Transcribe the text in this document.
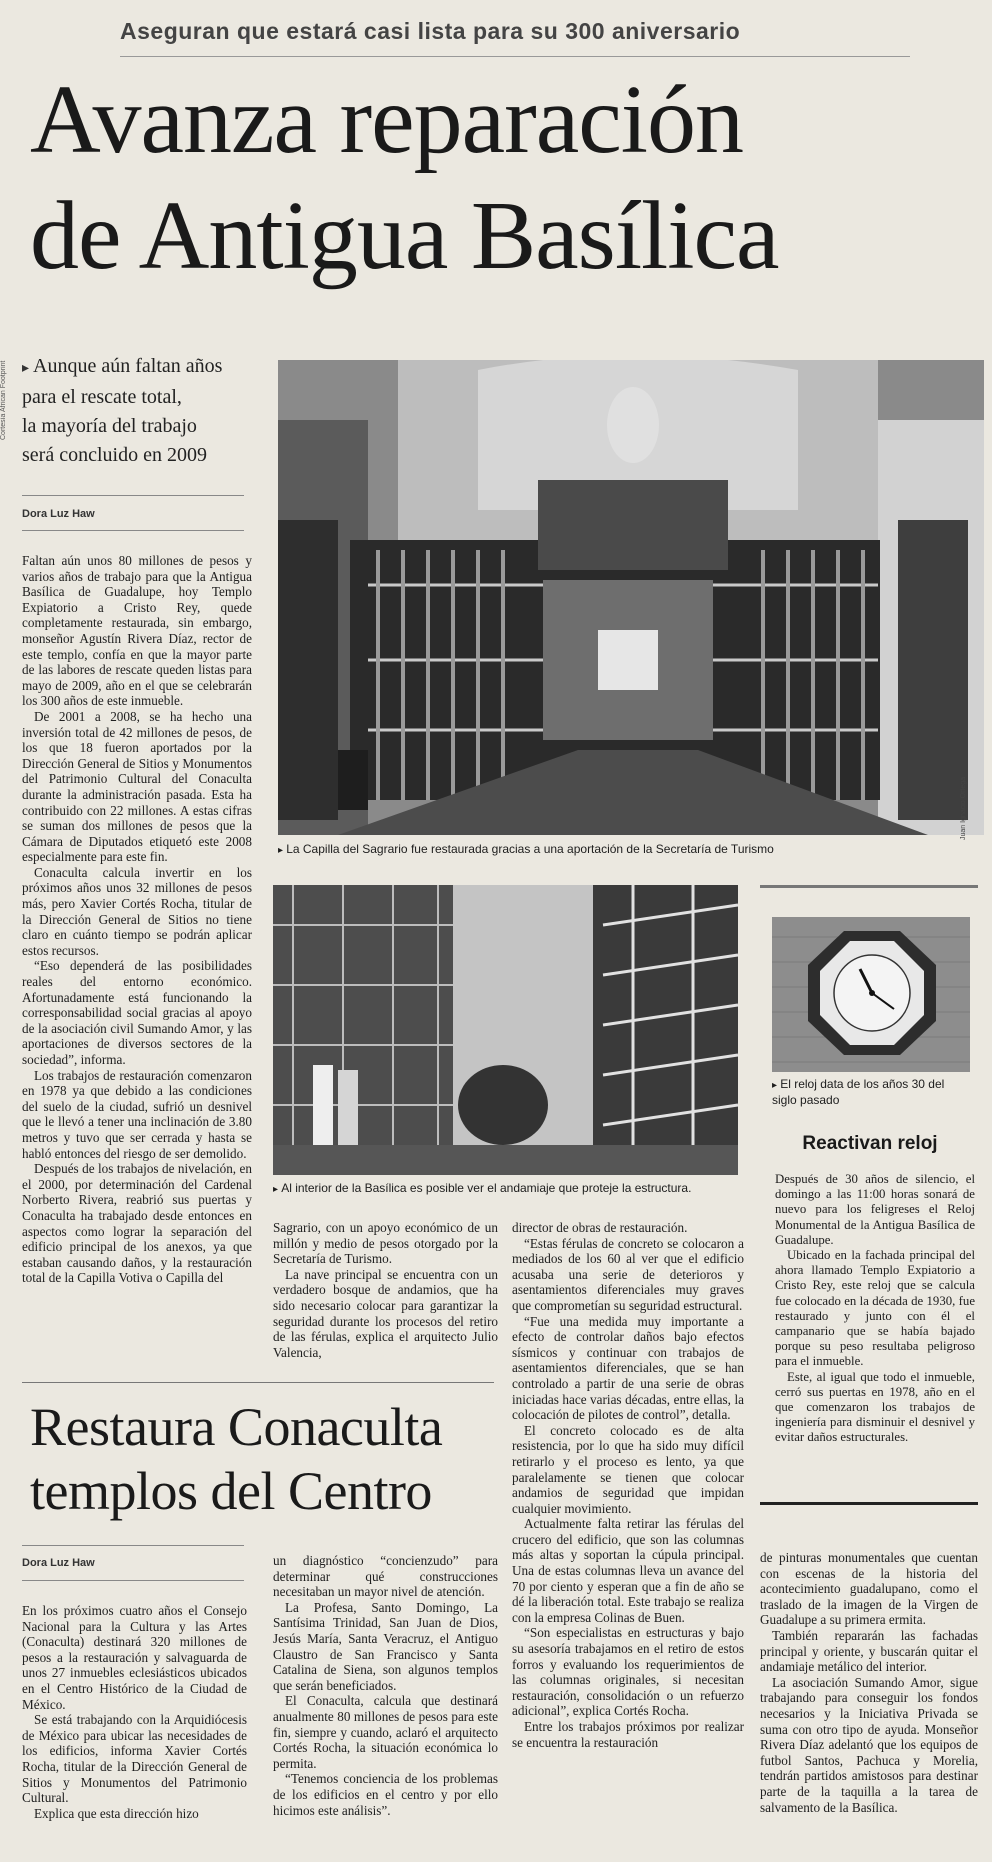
Aseguran que estará casi lista para su 300 aniversario
Avanza reparación
de Antigua Basílica
Cortesía African Footprint	▸ Aunque aún faltan años
para el rescate total,
la mayoría del trabajo
será concluido en 2009
Dora Luz Haw

Faltan aún unos 80 millones de pesos y varios años de trabajo para que la Antigua Basílica de Guadalupe, hoy Templo Expiatorio a Cristo Rey, quede completamente restaurada, sin embargo, monseñor Agustín Rivera Díaz, rector de este templo, confía en que la mayor parte de las labores de rescate queden listas para mayo de 2009, año en el que se celebrarán los 300 años de este inmueble.

De 2001 a 2008, se ha hecho una inversión total de 42 millones de pesos, de los que 18 fueron aportados por la Dirección General de Sitios y Monumentos del Patrimonio Cultural del Conaculta durante la administración pasada. Esta ha contribuido con 22 millones. A estas cifras se suman dos millones de pesos que la Cámara de Diputados etiquetó este 2008 especialmente para este fin.

Conaculta calcula invertir en los próximos años unos 32 millones de pesos más, pero Xavier Cortés Rocha, titular de la Dirección General de Sitios no tiene claro en cuánto tiempo se podrán aplicar estos recursos.

“Eso dependerá de las posibilidades reales del entorno económico. Afortunadamente está funcionando la corresponsabilidad social gracias al apoyo de la asociación civil Sumando Amor, y las aportaciones de diversos sectores de la sociedad”, informa.

Los trabajos de restauración comenzaron en 1978 ya que debido a las condiciones del suelo de la ciudad, sufrió un desnivel que le llevó a tener una inclinación de 3.80 metros y tuvo que ser cerrada y hasta se habló entonces del riesgo de ser demolido.

Después de los trabajos de nivelación, en el 2000, por determinación del Cardenal Norberto Rivera, reabrió sus puertas y Conaculta ha trabajado desde entonces en aspectos como lograr la separación del edificio principal de los anexos, ya que estaban causando daños, y la restauración total de la Capilla Votiva o Capilla del

Juan Ignacio Ortega
▸ La Capilla del Sagrario fue restaurada gracias a una aportación de la Secretaría de Turismo
▸ Al interior de la Basílica es posible ver el andamiaje que proteje la estructura.
▸ El reloj data de los años 30 del siglo pasado
Reactivan reloj

Después de 30 años de silencio, el domingo a las 11:00 horas sonará de nuevo para los feligreses el Reloj Monumental de la Antigua Basílica de Guadalupe.

Ubicado en la fachada principal del ahora llamado Templo Expiatorio a Cristo Rey, este reloj que se calcula fue colocado en la década de 1930, fue restaurado y junto con él el campanario que se había bajado porque su peso resultaba peligroso para el inmueble.

Este, al igual que todo el inmueble, cerró sus puertas en 1978, año en el que comenzaron los trabajos de ingeniería para disminuir el desnivel y evitar daños estructurales.

Sagrario, con un apoyo económico de un millón y medio de pesos otorgado por la Secretaría de Turismo.

La nave principal se encuentra con un verdadero bosque de andamios, que ha sido necesario colocar para garantizar la seguridad durante los procesos del retiro de las férulas, explica el arquitecto Julio Valencia,

director de obras de restauración.

“Estas férulas de concreto se colocaron a mediados de los 60 al ver que el edificio acusaba una serie de deterioros y asentamientos diferenciales muy graves que comprometían su seguridad estructural.

“Fue una medida muy importante a efecto de controlar daños bajo efectos sísmicos y continuar con trabajos de asentamientos diferenciales, que se han controlado a partir de una serie de obras iniciadas hace varias décadas, entre ellas, la colocación de pilotes de control”, detalla.

El concreto colocado es de alta resistencia, por lo que ha sido muy difícil retirarlo y el proceso es lento, ya que paralelamente se tienen que colocar andamios de seguridad que impidan cualquier movimiento.

Actualmente falta retirar las férulas del crucero del edificio, que son las columnas más altas y soportan la cúpula principal. Una de estas columnas lleva un avance del 70 por ciento y esperan que a fin de año se dé la liberación total. Este trabajo se realiza con la empresa Colinas de Buen.

“Son especialistas en estructuras y bajo su asesoría trabajamos en el retiro de estos forros y evaluando los requerimientos de las columnas originales, si necesitan restauración, consolidación o un refuerzo adicional”, explica Cortés Rocha.

Entre los trabajos próximos por realizar se encuentra la restauración

de pinturas monumentales que cuentan con escenas de la historia del acontecimiento guadalupano, como el traslado de la imagen de la Virgen de Guadalupe a su primera ermita.

También repararán las fachadas principal y oriente, y buscarán quitar el andamiaje metálico del interior.

La asociación Sumando Amor, sigue trabajando para conseguir los fondos necesarios y la Iniciativa Privada se suma con otro tipo de ayuda. Monseñor Rivera Díaz adelantó que los equipos de futbol Santos, Pachuca y Morelia, tendrán partidos amistosos para destinar parte de la taquilla a la tarea de salvamento de la Basílica.

Restaura Conaculta
templos del Centro
Dora Luz Haw

En los próximos cuatro años el Consejo Nacional para la Cultura y las Artes (Conaculta) destinará 320 millones de pesos a la restauración y salvaguarda de unos 27 inmuebles eclesiásticos ubicados en el Centro Histórico de la Ciudad de México.

Se está trabajando con la Arquidiócesis de México para ubicar las necesidades de los edificios, informa Xavier Cortés Rocha, titular de la Dirección General de Sitios y Monumentos del Patrimonio Cultural.

Explica que esta dirección hizo

un diagnóstico “concienzudo” para determinar qué construcciones necesitaban un mayor nivel de atención.

La Profesa, Santo Domingo, La Santísima Trinidad, San Juan de Dios, Jesús María, Santa Veracruz, el Antiguo Claustro de San Francisco y Santa Catalina de Siena, son algunos templos que serán beneficiados.

El Conaculta, calcula que destinará anualmente 80 millones de pesos para este fin, siempre y cuando, aclaró el arquitecto Cortés Rocha, la situación económica lo permita.

“Tenemos conciencia de los problemas de los edificios en el centro y por ello hicimos este análisis”.
